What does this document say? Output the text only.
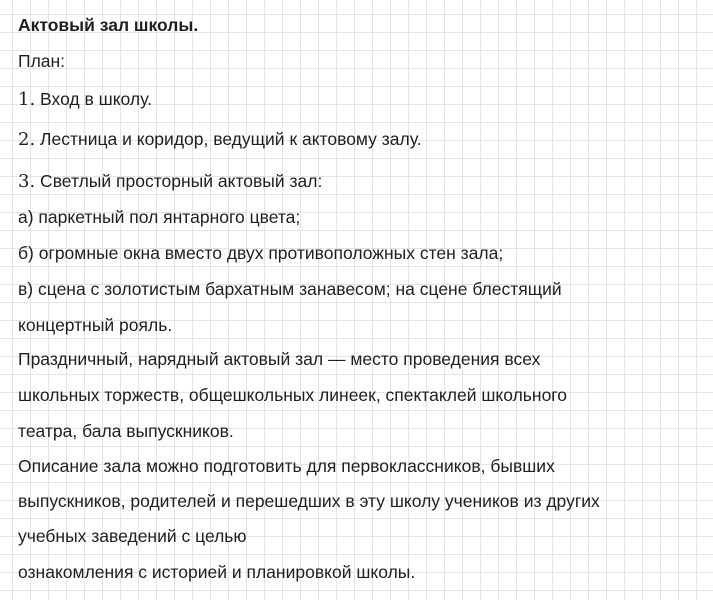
Актовый зал школы.
План:
1. Вход в школу.
2. Лестница и коридор, ведущий к актовому залу.
3. Светлый просторный актовый зал:
а) паркетный пол янтарного цвета;
б) огромные окна вместо двух противоположных стен зала;
в) сцена с золотистым бархатным занавесом; на сцене блестящий
концертный рояль.
Праздничный, нарядный актовый зал — место проведения всех
школьных торжеств, общешкольных линеек, спектаклей школьного
театра, бала выпускников.
Описание зала можно подготовить для первоклассников, бывших
выпускников, родителей и перешедших в эту школу учеников из других
учебных заведений с целью
ознакомления с историей и планировкой школы.
